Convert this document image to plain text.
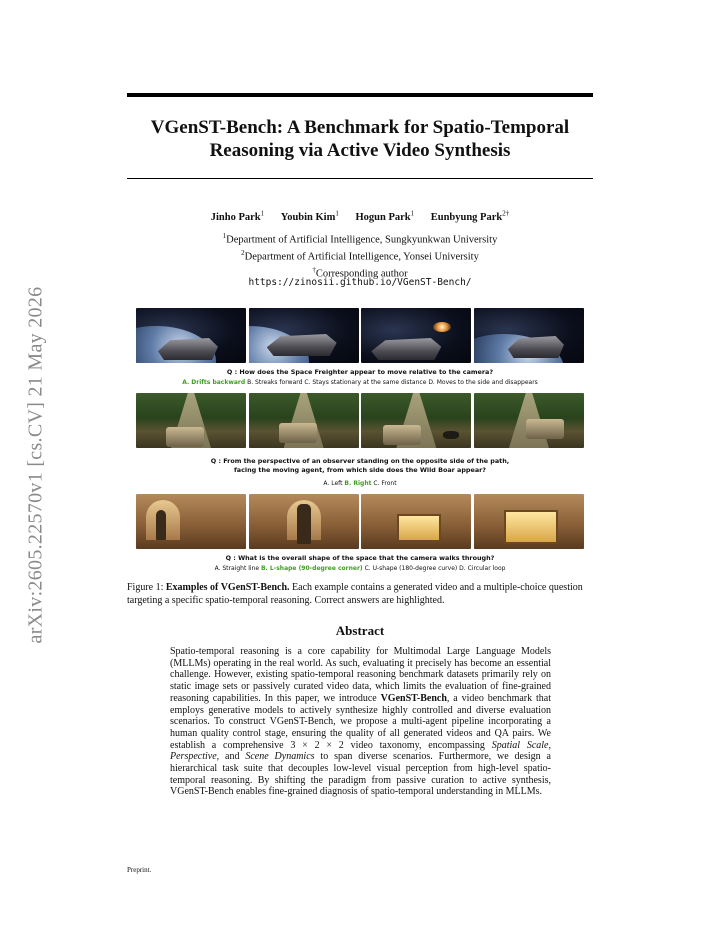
arXiv:2605.22570v1 [cs.CV] 21 May 2026
VGenST-Bench: A Benchmark for Spatio-Temporal
Reasoning via Active Video Synthesis
Jinho Park$^1$ Youbin Kim$^1$ Hogun Park$^1$ Eunbyung Park$^{2\dagger}$
$^1$Department of Artificial Intelligence, Sungkyunkwan University
$^2$Department of Artificial Intelligence, Yonsei University
†Corresponding author
https://zinosii.github.io/VGenST-Bench/
Q : How does the Space Freighter appear to move relative to the camera?
A. Drifts backward B. Streaks forward C. Stays stationary at the same distance D. Moves to the side and disappears
Q : From the perspective of an observer standing on the opposite side of the path,
facing the moving agent, from which side does the Wild Boar appear?
A. Left B. Right C. Front
Q : What is the overall shape of the space that the camera walks through?
A. Straight line B. L-shape (90-degree corner) C. U-shape (180-degree curve) D. Circular loop
Figure 1: Examples of VGenST-Bench. Each example contains a generated video and a multiple-choice question targeting a specific spatio-temporal reasoning. Correct answers are highlighted.
Abstract

Spatio-temporal reasoning is a core capability for Multimodal Large Language Models (MLLMs) operating in the real world. As such, evaluating it precisely has become an essential challenge. However, existing spatio-temporal reasoning benchmark datasets primarily rely on static image sets or passively curated video data, which limits the evaluation of fine-grained reasoning capabilities. In this paper, we introduce VGenST-Bench, a video benchmark that employs generative models to actively synthesize highly controlled and diverse evaluation scenarios. To construct VGenST-Bench, we propose a multi-agent pipeline incorporating a human quality control stage, ensuring the quality of all generated videos and QA pairs. We establish a comprehensive 3 × 2 × 2 video taxonomy, encompassing Spatial Scale, Perspective, and Scene Dynamics to span diverse scenarios. Furthermore, we design a hierarchical task suite that decouples low-level visual perception from high-level spatio-temporal reasoning. By shifting the paradigm from passive curation to active synthesis, VGenST-Bench enables fine-grained diagnosis of spatio-temporal understanding in MLLMs.

Preprint.
